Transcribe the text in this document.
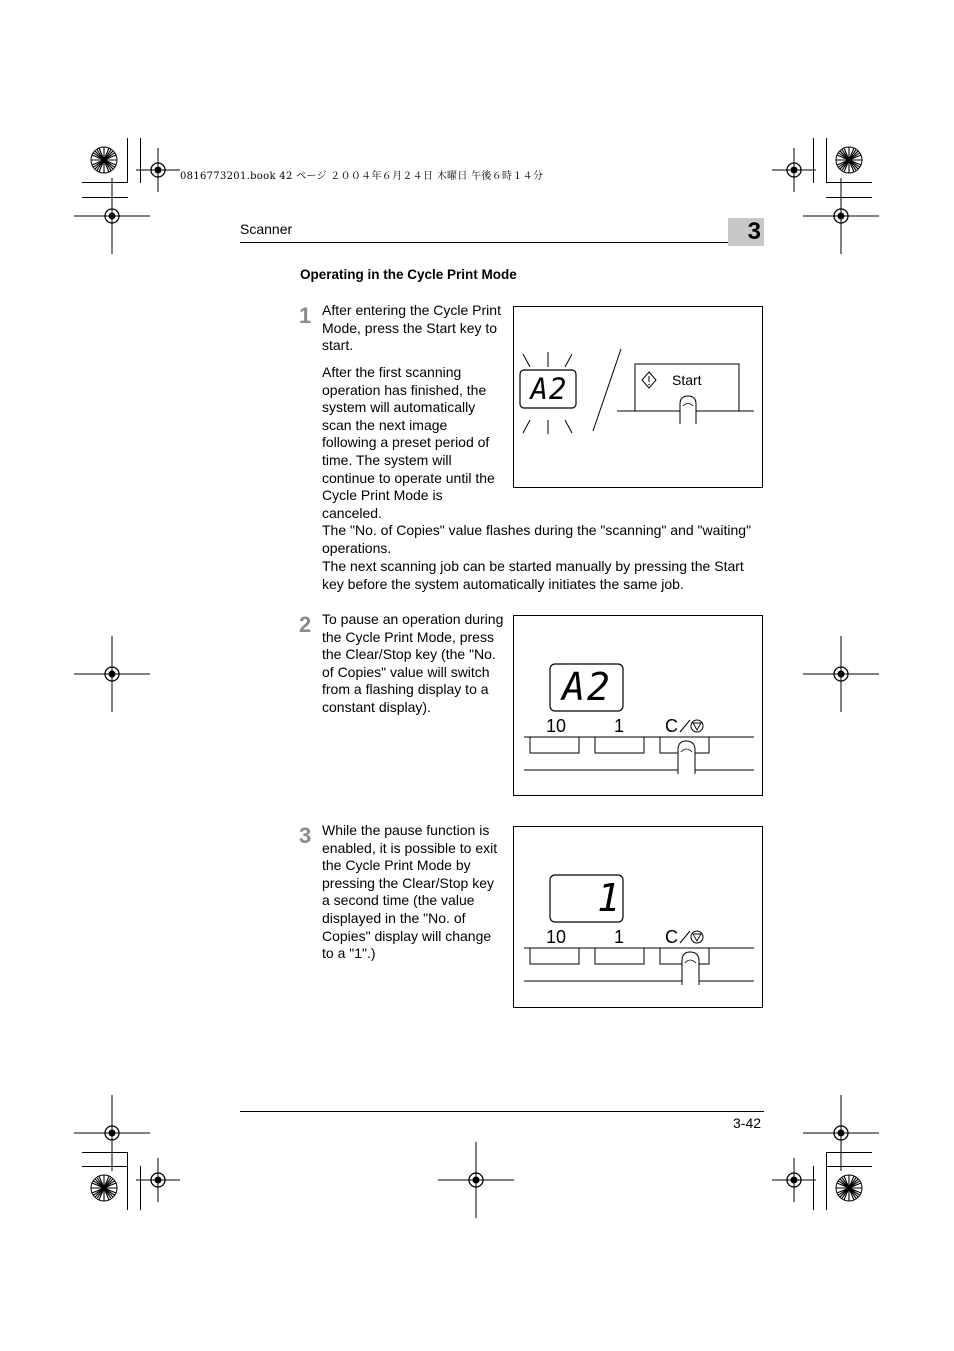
0816773201.book 42 ページ ２００４年６月２４日 木曜日 午後６時１４分
Scanner	3
Operating in the Cycle Print Mode
1 After entering the Cycle Print Mode, press the Start key to start.
After the first scanning operation has finished, the system will automatically scan the next image following a preset period of time. The system will continue to operate until the Cycle Print Mode is canceled.
The "No. of Copies" value flashes during the "scanning" and "waiting" operations.
The next scanning job can be started manually by pressing the Start key before the system automatically initiates the same job.
A2	Start
2 To pause an operation during the Cycle Print Mode, press the Clear/Stop key (the "No. of Copies" value will switch from a flashing display to a constant display).	A2
10	1 C
3 While the pause function is enabled, it is possible to exit the Cycle Print Mode by pressing the Clear/Stop key a second time (the value displayed in the "No. of Copies" display will change to a "1".)
1
10	1 C
3-42
